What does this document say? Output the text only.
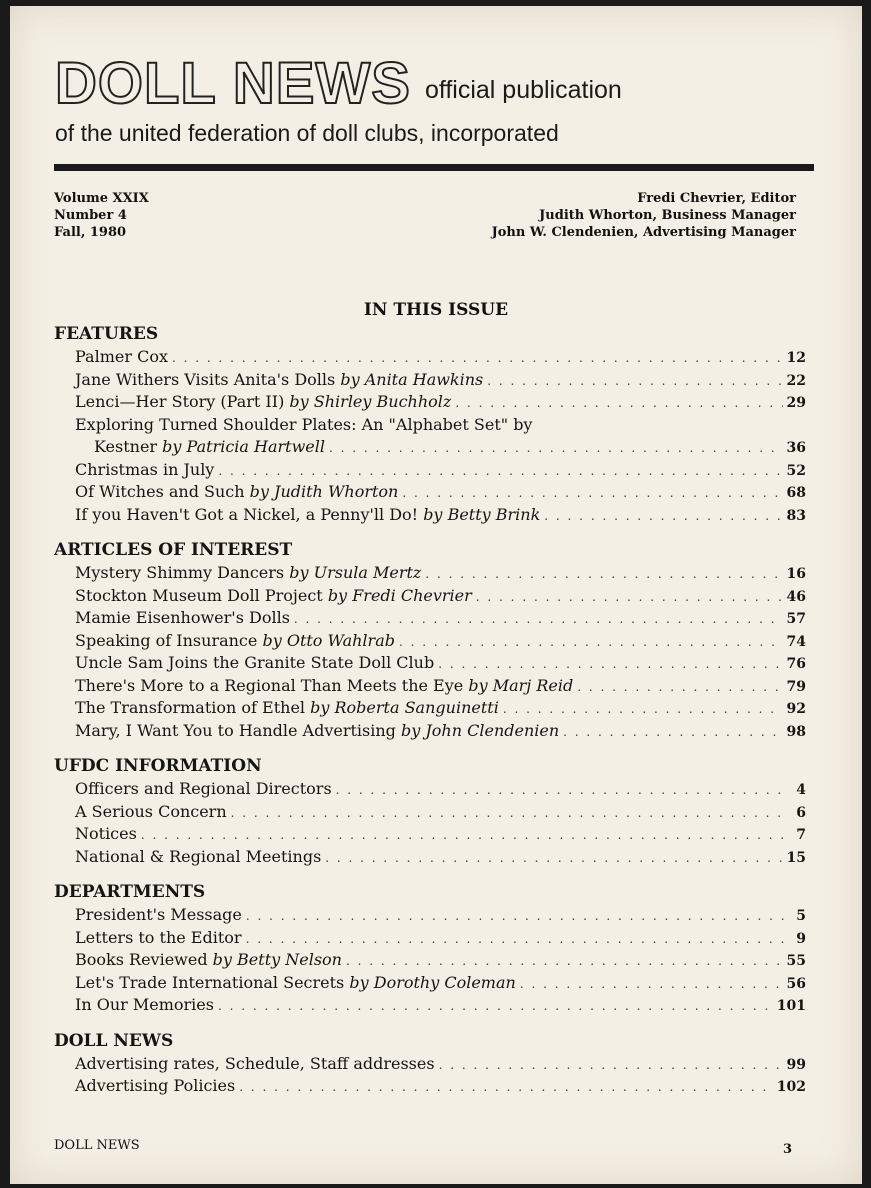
DOLL NEWS official publication
of the united federation of doll clubs, incorporated
Volume XXIX
Number 4
Fall, 1980
Fredi Chevrier, Editor
Judith Whorton, Business Manager
John W. Clendenien, Advertising Manager
IN THIS ISSUE
FEATURES
Palmer Cox . . .	12
Jane Withers Visits Anita's Dolls by Anita Hawkins . . .	22
Lenci—Her Story (Part II) by Shirley Buchholz . . .	29
Exploring Turned Shoulder Plates: An "Alphabet Set" by
Kestner by Patricia Hartwell . . .	36
Christmas in July . . .	52
Of Witches and Such by Judith Whorton . . .	68
If you Haven't Got a Nickel, a Penny'll Do! by Betty Brink . . .	83
ARTICLES OF INTEREST
Mystery Shimmy Dancers by Ursula Mertz . . .	16
Stockton Museum Doll Project by Fredi Chevrier . . .	46
Mamie Eisenhower's Dolls . . .	57
Speaking of Insurance by Otto Wahlrab . . .	74
Uncle Sam Joins the Granite State Doll Club . . .	76
There's More to a Regional Than Meets the Eye by Marj Reid . . .	79
The Transformation of Ethel by Roberta Sanguinetti . . .	92
Mary, I Want You to Handle Advertising by John Clendenien . . .	98
UFDC INFORMATION
Officers and Regional Directors . . .	4
A Serious Concern . . .	6
Notices . . .	7
National & Regional Meetings . . .	15
DEPARTMENTS
President's Message . . .	5
Letters to the Editor . . .	9
Books Reviewed by Betty Nelson . . .	55
Let's Trade International Secrets by Dorothy Coleman . . .	56
In Our Memories . . .	101
DOLL NEWS
Advertising rates, Schedule, Staff addresses . . .	99
Advertising Policies . . .	102
DOLL NEWS	3
